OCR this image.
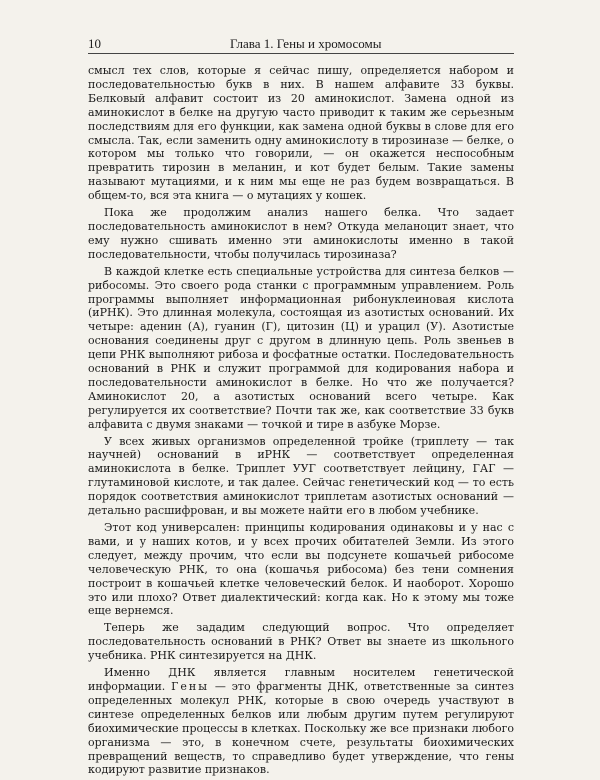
10	Глава 1. Гены и хромосомы

смысл тех слов, которые я сейчас пишу, определяется набором и последовательностью букв в них. В нашем алфавите 33 буквы. Белковый алфавит состоит из 20 аминокислот. Замена одной из аминокислот в белке на другую часто приводит к таким же серьезным последствиям для его функции, как замена одной буквы в слове для его смысла. Так, если заменить одну аминокислоту в тирозиназе — белке, о котором мы только что говорили, — он окажется неспособным превратить тирозин в меланин, и кот будет белым. Такие замены называют мутациями, и к ним мы еще не раз будем возвращаться. В общем-то, вся эта книга — о мутациях у кошек.

Пока же продолжим анализ нашего белка. Что задает последовательность аминокислот в нем? Откуда меланоцит знает, что ему нужно сшивать именно эти аминокислоты именно в такой последовательности, чтобы получилась тирозиназа?

В каждой клетке есть специальные устройства для синтеза белков — рибосомы. Это своего рода станки с программным управлением. Роль программы выполняет информационная рибонуклеиновая кислота (иРНК). Это длинная молекула, состоящая из азотистых оснований. Их четыре: аденин (А), гуанин (Г), цитозин (Ц) и урацил (У). Азотистые основания соединены друг с другом в длинную цепь. Роль звеньев в цепи РНК выполняют рибоза и фосфатные остатки. Последовательность оснований в РНК и служит программой для кодирования набора и последовательности аминокислот в белке. Но что же получается? Аминокислот 20, а азотистых оснований всего четыре. Как регулируется их соответствие? Почти так же, как соответствие 33 букв алфавита с двумя знаками — точкой и тире в азбуке Морзе.

У всех живых организмов определенной тройке (триплету — так научней) оснований в иРНК — соответствует определенная аминокислота в белке. Триплет УУГ соответствует лейцину, ГАГ — глутаминовой кислоте, и так далее. Сейчас генетический код — то есть порядок соответствия аминокислот триплетам азотистых оснований — детально расшифрован, и вы можете найти его в любом учебнике.

Этот код универсален: принципы кодирования одинаковы и у нас с вами, и у наших котов, и у всех прочих обитателей Земли. Из этого следует, между прочим, что если вы подсунете кошачьей рибосоме человеческую РНК, то она (кошачья рибосома) без тени сомнения построит в кошачьей клетке человеческий белок. И наоборот. Хорошо это или плохо? Ответ диалектический: когда как. Но к этому мы тоже еще вернемся.

Теперь же зададим следующий вопрос. Что определяет последовательность оснований в РНК? Ответ вы знаете из школьного учебника. РНК синтезируется на ДНК.

Именно ДНК является главным носителем генетической информации. Гены — это фрагменты ДНК, ответственные за синтез определенных молекул РНК, которые в свою очередь участвуют в синтезе определенных белков или любым другим путем регулируют биохимические процессы в клетках. Поскольку же все признаки любого организма — это, в конечном счете, результаты биохимических превращений веществ, то справедливо будет утверждение, что гены кодируют развитие признаков.
